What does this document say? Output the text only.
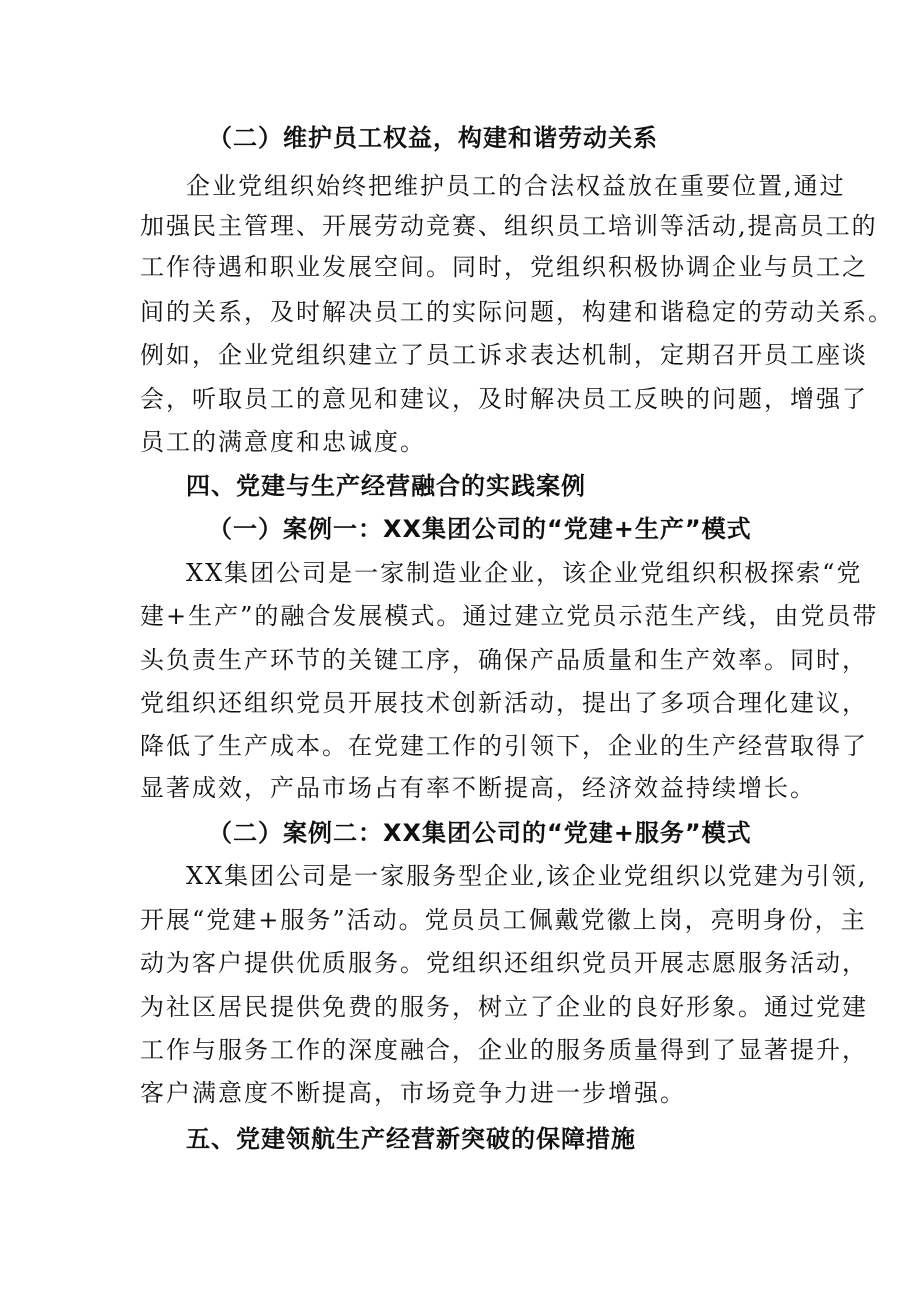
（二）维护员工权益，构建和谐劳动关系
企业党组织始终把维护员工的合法权益放在重要位置,通过
加强民主管理、开展劳动竞赛、组织员工培训等活动,提高员工的
工作待遇和职业发展空间。同时，党组织积极协调企业与员工之
间的关系，及时解决员工的实际问题，构建和谐稳定的劳动关系。
例如，企业党组织建立了员工诉求表达机制，定期召开员工座谈
会，听取员工的意见和建议，及时解决员工反映的问题，增强了
员工的满意度和忠诚度。
四、党建与生产经营融合的实践案例
（一）案例一：XX集团公司的“党建+生产”模式
XX集团公司是一家制造业企业，该企业党组织积极探索“党
建+生产”的融合发展模式。通过建立党员示范生产线，由党员带
头负责生产环节的关键工序，确保产品质量和生产效率。同时，
党组织还组织党员开展技术创新活动，提出了多项合理化建议，
降低了生产成本。在党建工作的引领下，企业的生产经营取得了
显著成效，产品市场占有率不断提高，经济效益持续增长。
（二）案例二：XX集团公司的“党建+服务”模式
XX集团公司是一家服务型企业,该企业党组织以党建为引领,
开展“党建+服务”活动。党员员工佩戴党徽上岗，亮明身份，主
动为客户提供优质服务。党组织还组织党员开展志愿服务活动，
为社区居民提供免费的服务，树立了企业的良好形象。通过党建
工作与服务工作的深度融合，企业的服务质量得到了显著提升，
客户满意度不断提高，市场竞争力进一步增强。
五、党建领航生产经营新突破的保障措施
